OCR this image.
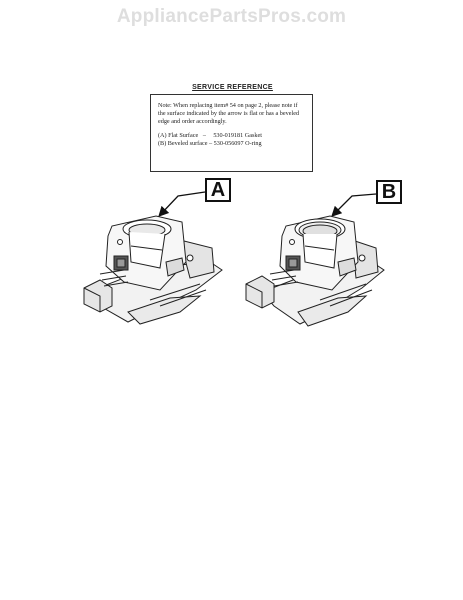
AppliancePartsPros.com
SERVICE REFERENCE

Note: When replacing item# 54 on page 2, please note if the surface indicated by the arrow is flat or has a beveled edge and order accordingly.

(A) Flat Surface   – 530-019181 Gasket

(B) Beveled surface – 530-056097 O-ring

A	B
